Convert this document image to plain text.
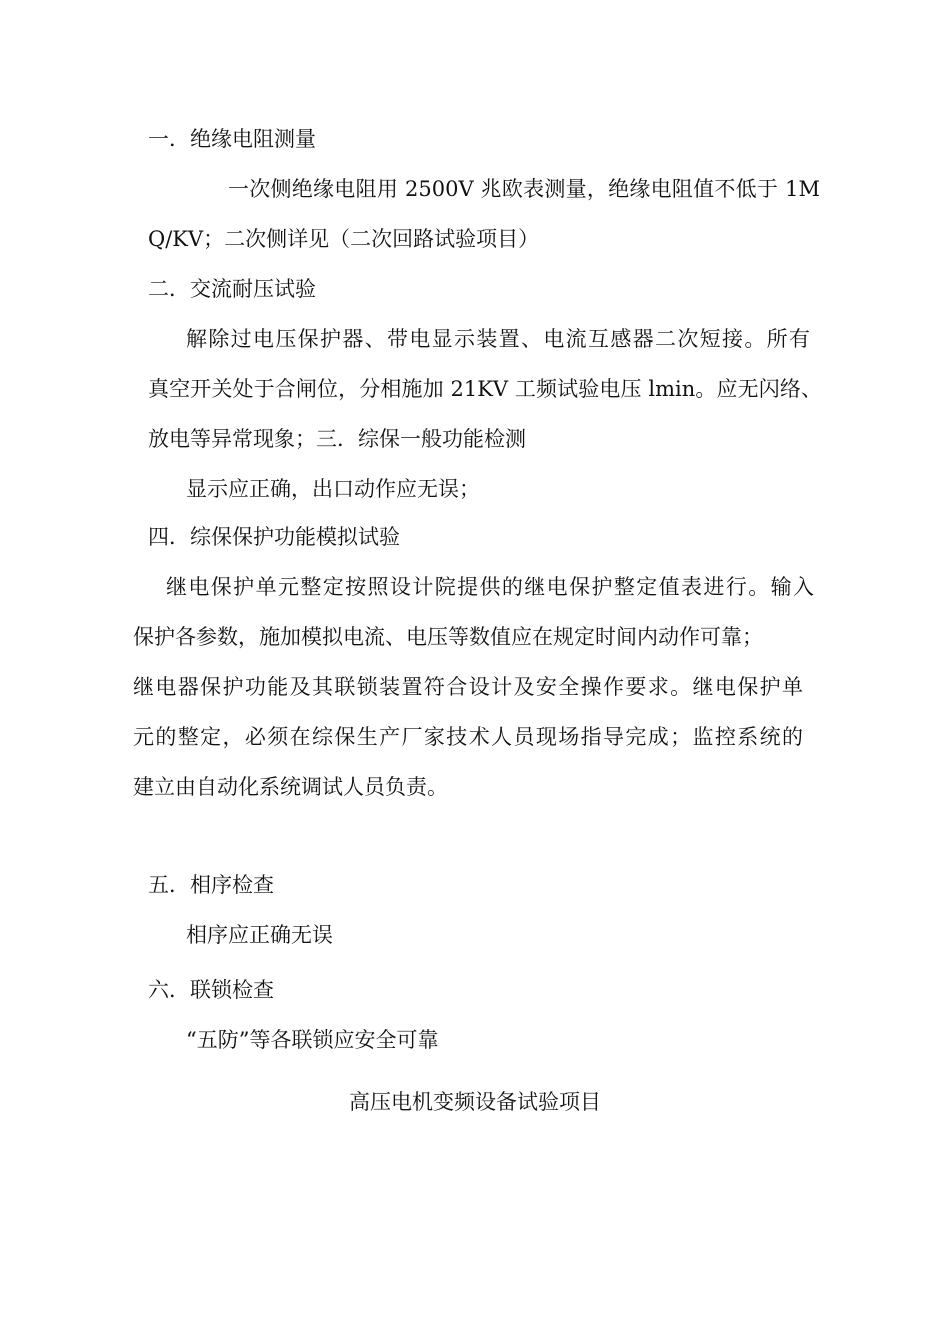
一．绝缘电阻测量

一次侧绝缘电阻用 2500V 兆欧表测量，绝缘电阻值不低于 1M

Q/KV；二次侧详见（二次回路试验项目）

二．交流耐压试验

解除过电压保护器、带电显示装置、电流互感器二次短接。所有

真空开关处于合闸位，分相施加 21KV 工频试验电压 lmin。应无闪络、

放电等异常现象；三．综保一般功能检测

显示应正确，出口动作应无误；

四．综保保护功能模拟试验

继电保护单元整定按照设计院提供的继电保护整定值表进行。输入

保护各参数，施加模拟电流、电压等数值应在规定时间内动作可靠；

继电器保护功能及其联锁装置符合设计及安全操作要求。继电保护单

元的整定，必须在综保生产厂家技术人员现场指导完成；监控系统的

建立由自动化系统调试人员负责。

五．相序检查

相序应正确无误

六．联锁检查

“五防”等各联锁应安全可靠

高压电机变频设备试验项目
